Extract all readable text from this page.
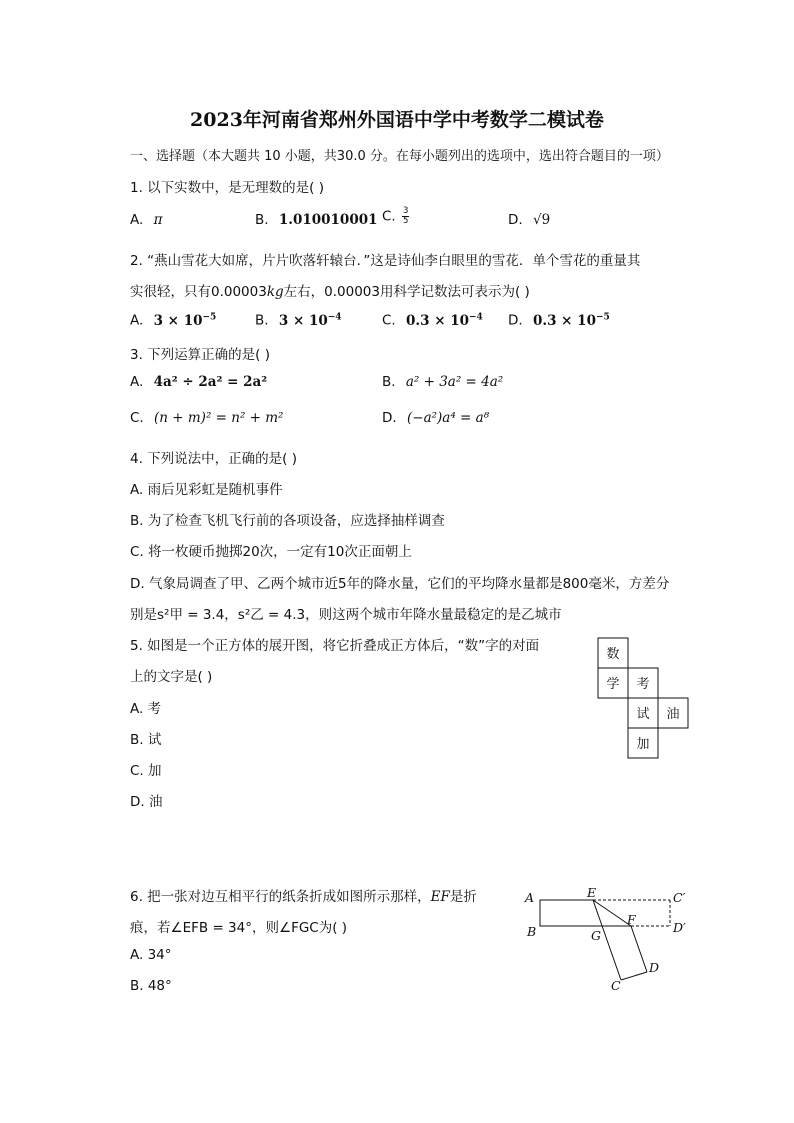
2023年河南省郑州外国语中学中考数学二模试卷
一、选择题（本大题共 10 小题，共30.0 分。在每小题列出的选项中，选出符合题目的一项）
1. 以下实数中，是无理数的是( )
A. π	B. 1.010010001 C. $\frac{3}{5}$	D. √9
2. “燕山雪花大如席，片片吹落轩辕台．”这是诗仙李白眼里的雪花．单个雪花的重量其
实很轻，只有0.00003kg左右，0.00003用科学记数法可表示为( )
A. $3 \times 10^{-5}$	B. $3 \times 10^{-4}$	C. $0.3 \times 10^{-4}$ D. $0.3 \times 10^{-5}$
3. 下列运算正确的是( )
A. 4a² ÷ 2a² = 2a²	B. a² + 3a² = 4a²
C. (n + m)² = n² + m²	D. (−a²)a⁴ = a⁸
4. 下列说法中，正确的是( )
A. 雨后见彩虹是随机事件
B. 为了检查飞机飞行前的各项设备，应选择抽样调查
C. 将一枚硬币抛掷20次，一定有10次正面朝上
D. 气象局调查了甲、乙两个城市近5年的降水量，它们的平均降水量都是800毫米，方差分
别是s²甲 = 3.4，s²乙 = 4.3，则这两个城市年降水量最稳定的是乙城市
5. 如图是一个正方体的展开图，将它折叠成正方体后，“数”字的对面
上的文字是( )
A. 考
B. 试
C. 加
D. 油
数
学 考
试 油
加
6. 把一张对边互相平行的纸条折成如图所示那样，EF是折
痕，若∠EFB = 34°，则∠FGC为( )
A. 34°
B. 48°
A	E	C′
F
D′
B	G
D
C
